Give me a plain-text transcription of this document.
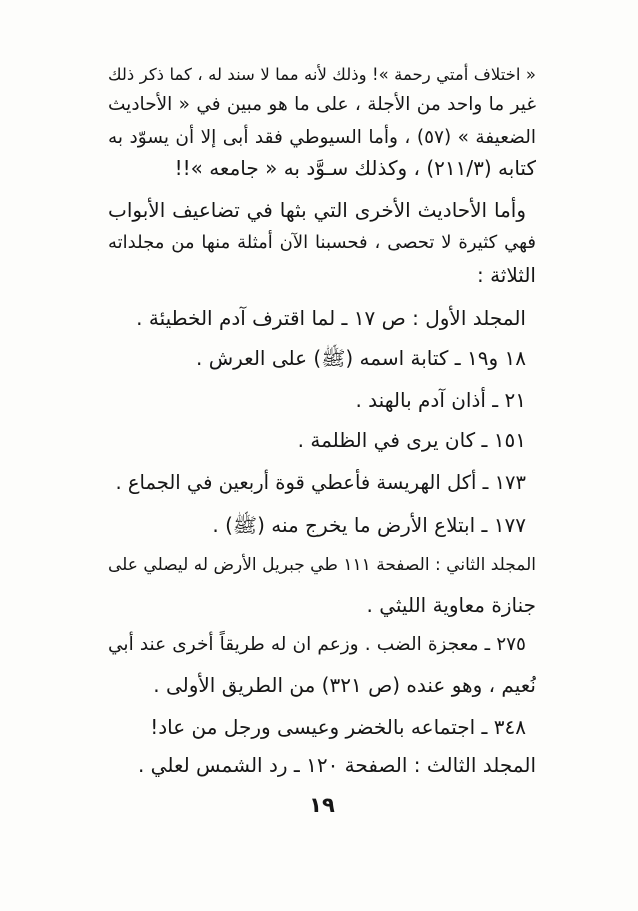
« اختلاف أمتي رحمة »! وذلك لأنه مما لا سند له ، كما ذكر ذلك
غير ما واحد من الأجلة ، على ما هو مبين في « الأحاديث
الضعيفة » (٥٧) ، وأما السيوطي فقد أبى إلا أن يسوّد به
كتابه (٢١١/٣) ، وكذلك سـوَّد به « جامعه »!!
وأما الأحاديث الأخرى التي بثها في تضاعيف الأبواب
فهي كثيرة لا تحصى ، فحسبنا الآن أمثلة منها من مجلداته
الثلاثة :
المجلد الأول : ص ١٧ ـ لما اقترف آدم الخطيئة .
١٨ و١٩ ـ كتابة اسمه (ﷺ) على العرش .
٢١ ـ أذان آدم بالهند .
١٥١ ـ كان يرى في الظلمة .
١٧٣ ـ أكل الهريسة فأعطي قوة أربعين في الجماع .
١٧٧ ـ ابتلاع الأرض ما يخرج منه (ﷺ) .
المجلد الثاني : الصفحة ١١١ طي جبريل الأرض له ليصلي على
جنازة معاوية الليثي .
٢٧٥ ـ معجزة الضب . وزعم ان له طريقاً أخرى عند أبي
نُعيم ، وهو عنده (ص ٣٢١) من الطريق الأولى .
٣٤٨ ـ اجتماعه بالخضر وعيسى ورجل من عاد!
المجلد الثالث : الصفحة ١٢٠ ـ رد الشمس لعلي .
١٩
